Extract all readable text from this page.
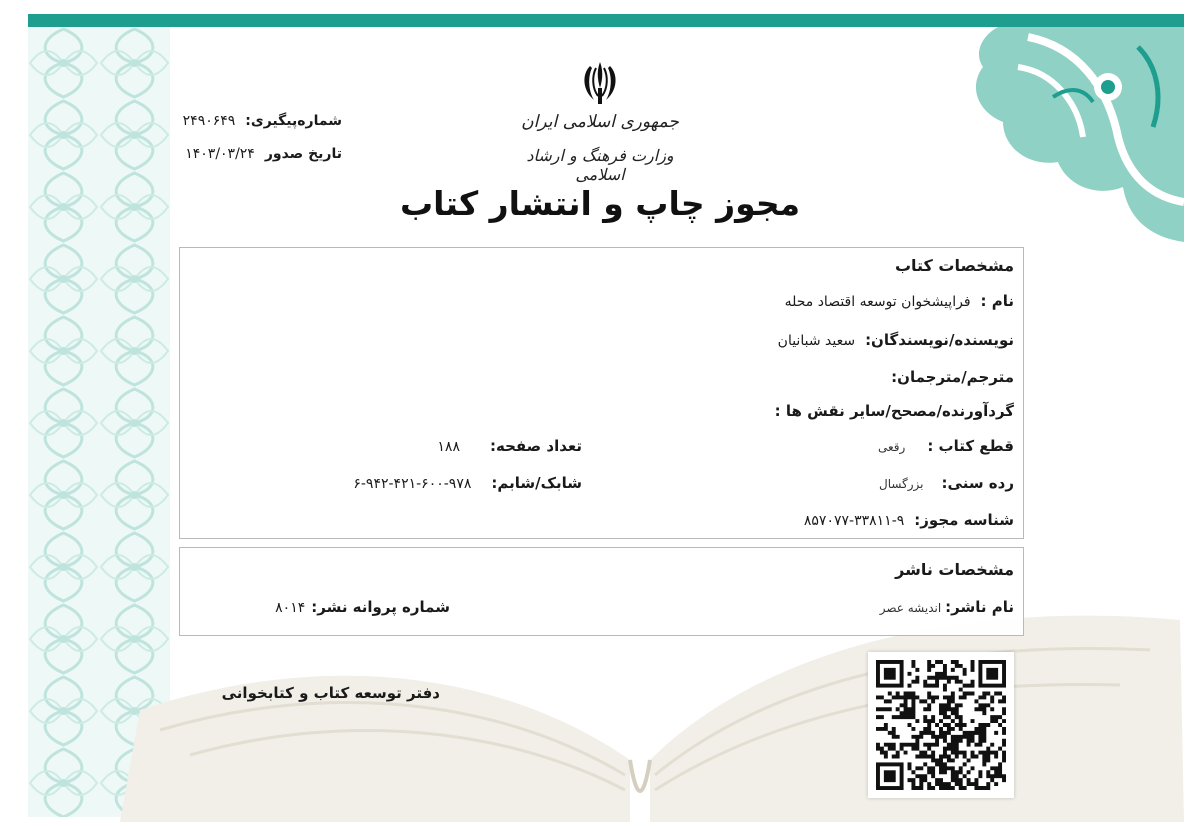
جمهوری اسلامی ایران
وزارت فرهنگ و ارشاد اسلامی
شماره‌پیگیری:۲۴۹۰۶۴۹
تاریخ صدور۱۴۰۳/۰۳/۲۴
مجوز چاپ و انتشار کتاب
مشخصات کتاب
نام :فراپیشخوان توسعه اقتصاد محله
نویسنده/نویسندگان:سعید شبانیان
مترجم/مترجمان:
گردآورنده/مصحح/سایر نقش ها :
قطع کتاب :رقعی
تعداد صفحه:۱۸۸
رده سنی:بزرگسال
شابک/شابم:۹۷۸-۶۰۰-۴۲۱-۹۴۲-۶
شناسه مجوز:۹-۳۳۸۱۱-۸۵۷۰۷۷
مشخصات ناشر
نام ناشر:اندیشه عصر
شماره پروانه نشر:۸۰۱۴
دفتر توسعه کتاب و کتابخوانی
